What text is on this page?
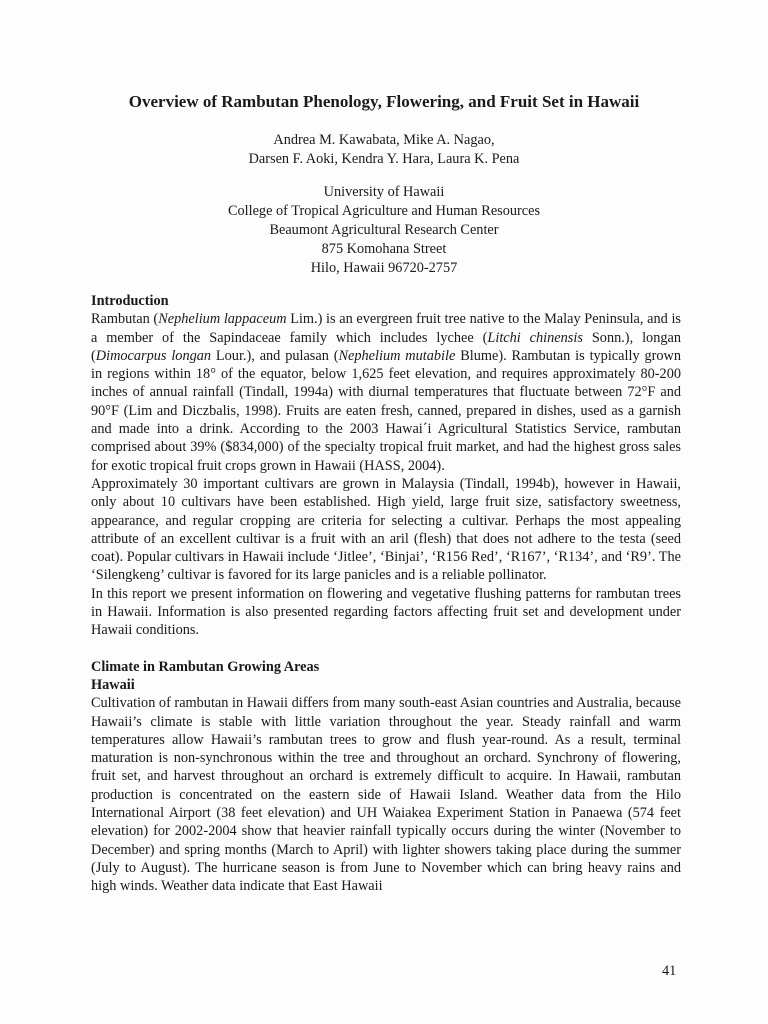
Overview of Rambutan Phenology, Flowering, and Fruit Set in Hawaii
Andrea M. Kawabata, Mike A. Nagao,
Darsen F. Aoki, Kendra Y. Hara, Laura K. Pena
University of Hawaii
College of Tropical Agriculture and Human Resources
Beaumont Agricultural Research Center
875 Komohana Street
Hilo, Hawaii 96720-2757
Introduction

Rambutan (Nephelium lappaceum Lim.) is an evergreen fruit tree native to the Malay Peninsula, and is a member of the Sapindaceae family which includes lychee (Litchi chinensis Sonn.), longan (Dimocarpus longan Lour.), and pulasan (Nephelium mutabile Blume). Rambutan is typically grown in regions within 18° of the equator, below 1,625 feet elevation, and requires approximately 80-200 inches of annual rainfall (Tindall, 1994a) with diurnal temperatures that fluctuate between 72°F and 90°F (Lim and Diczbalis, 1998). Fruits are eaten fresh, canned, prepared in dishes, used as a garnish and made into a drink. According to the 2003 Hawai´i Agricultural Statistics Service, rambutan comprised about 39% ($834,000) of the specialty tropical fruit market, and had the highest gross sales for exotic tropical fruit crops grown in Hawaii (HASS, 2004).

Approximately 30 important cultivars are grown in Malaysia (Tindall, 1994b), however in Hawaii, only about 10 cultivars have been established. High yield, large fruit size, satisfactory sweetness, appearance, and regular cropping are criteria for selecting a cultivar. Perhaps the most appealing attribute of an excellent cultivar is a fruit with an aril (flesh) that does not adhere to the testa (seed coat). Popular cultivars in Hawaii include ‘Jitlee’, ‘Binjai’, ‘R156 Red’, ‘R167’, ‘R134’, and ‘R9’. The ‘Silengkeng’ cultivar is favored for its large panicles and is a reliable pollinator.

In this report we present information on flowering and vegetative flushing patterns for rambutan trees in Hawaii. Information is also presented regarding factors affecting fruit set and development under Hawaii conditions.

Climate in Rambutan Growing Areas
Hawaii

Cultivation of rambutan in Hawaii differs from many south-east Asian countries and Australia, because Hawaii’s climate is stable with little variation throughout the year. Steady rainfall and warm temperatures allow Hawaii’s rambutan trees to grow and flush year-round. As a result, terminal maturation is non-synchronous within the tree and throughout an orchard. Synchrony of flowering, fruit set, and harvest throughout an orchard is extremely difficult to acquire. In Hawaii, rambutan production is concentrated on the eastern side of Hawaii Island. Weather data from the Hilo International Airport (38 feet elevation) and UH Waiakea Experiment Station in Panaewa (574 feet elevation) for 2002-2004 show that heavier rainfall typically occurs during the winter (November to December) and spring months (March to April) with lighter showers taking place during the summer (July to August). The hurricane season is from June to November which can bring heavy rains and high winds. Weather data indicate that East Hawaii

41
